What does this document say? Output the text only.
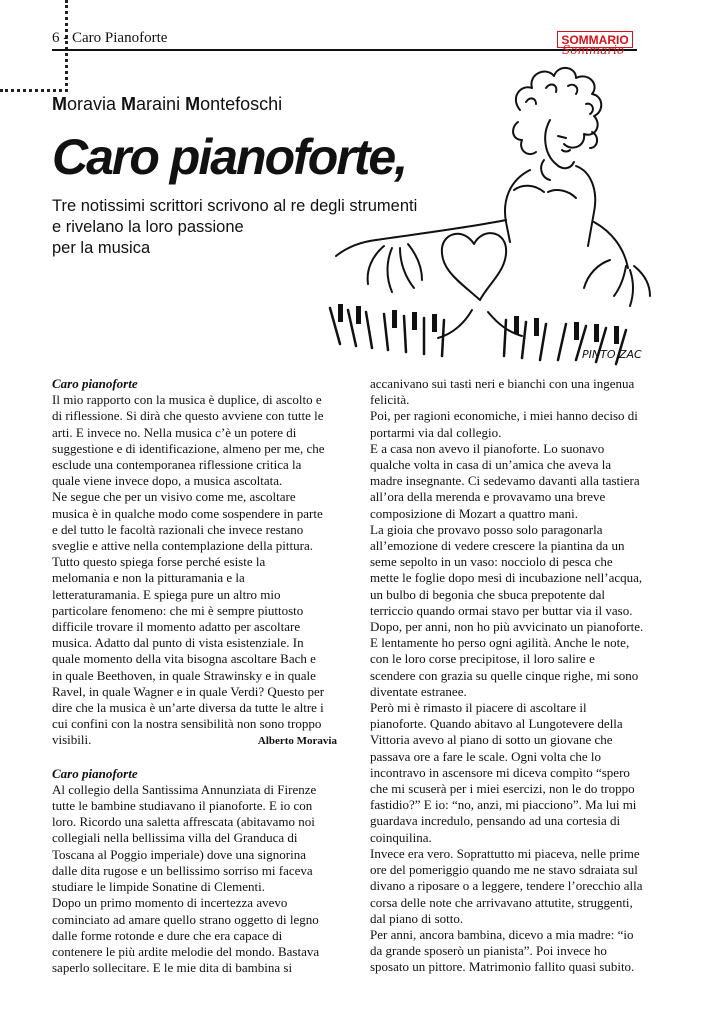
6 - Caro Pianoforte	SOMMARIO
Moravia Maraini Montefoschi
Caro pianoforte,
Tre notissimi scrittori scrivono al re degli strumenti
e rivelano la loro passione
per la musica
Sommario
PINTO ZAC

Caro pianoforte

Il mio rapporto con la musica è duplice, di ascolto e
di riflessione. Si dirà che questo avviene con tutte le
arti. E invece no. Nella musica c’è un potere di
suggestione e di identificazione, almeno per me, che
esclude una contemporanea riflessione critica la
quale viene invece dopo, a musica ascoltata.
Ne segue che per un visivo come me, ascoltare
musica è in qualche modo come sospendere in parte
e del tutto le facoltà razionali che invece restano
sveglie e attive nella contemplazione della pittura.
Tutto questo spiega forse perché esiste la
melomania e non la pitturamania e la
letteraturamania. E spiega pure un altro mio
particolare fenomeno: che mi è sempre piuttosto
difficile trovare il momento adatto per ascoltare
musica. Adatto dal punto di vista esistenziale. In
quale momento della vita bisogna ascoltare Bach e
in quale Beethoven, in quale Strawinsky e in quale
Ravel, in quale Wagner e in quale Verdi? Questo per
dire che la musica è un’arte diversa da tutte le altre i
cui confini con la nostra sensibilità non sono troppo
visibili.	Alberto Moravia

Caro pianoforte

Al collegio della Santissima Annunziata di Firenze
tutte le bambine studiavano il pianoforte. E io con
loro. Ricordo una saletta affrescata (abitavamo noi
collegiali nella bellissima villa del Granduca di
Toscana al Poggio imperiale) dove una signorina
dalle dita rugose e un bellissimo sorriso mi faceva
studiare le limpide Sonatine di Clementi.
Dopo un primo momento di incertezza avevo
cominciato ad amare quello strano oggetto di legno
dalle forme rotonde e dure che era capace di
contenere le più ardite melodie del mondo. Bastava
saperlo sollecitare. E le mie dita di bambina si
accanivano sui tasti neri e bianchi con una ingenua
felicità.
Poi, per ragioni economiche, i miei hanno deciso di
portarmi via dal collegio.
E a casa non avevo il pianoforte. Lo suonavo
qualche volta in casa di un’amica che aveva la
madre insegnante. Ci sedevamo davanti alla tastiera
all’ora della merenda e provavamo una breve
composizione di Mozart a quattro mani.
La gioia che provavo posso solo paragonarla
all’emozione di vedere crescere la piantina da un
seme sepolto in un vaso: nocciolo di pesca che
mette le foglie dopo mesi di incubazione nell’acqua,
un bulbo di begonia che sbuca prepotente dal
terriccio quando ormai stavo per buttar via il vaso.
Dopo, per anni, non ho più avvicinato un pianoforte.
E lentamente ho perso ogni agilità. Anche le note,
con le loro corse precipitose, il loro salire e
scendere con grazia su quelle cinque righe, mi sono
diventate estranee.
Però mi è rimasto il piacere di ascoltare il
pianoforte. Quando abitavo al Lungotevere della
Vittoria avevo al piano di sotto un giovane che
passava ore a fare le scale. Ogni volta che lo
incontravo in ascensore mi diceva compìto “spero
che mi scuserà per i miei esercizi, non le do troppo
fastidio?” E io: “no, anzi, mi piacciono”. Ma lui mi
guardava incredulo, pensando ad una cortesia di
coinquilina.
Invece era vero. Soprattutto mi piaceva, nelle prime
ore del pomeriggio quando me ne stavo sdraiata sul
divano a riposare o a leggere, tendere l’orecchio alla
corsa delle note che arrivavano attutite, struggenti,
dal piano di sotto.
Per anni, ancora bambina, dicevo a mia madre: “io
da grande sposerò un pianista”. Poi invece ho
sposato un pittore. Matrimonio fallito quasi subito.
